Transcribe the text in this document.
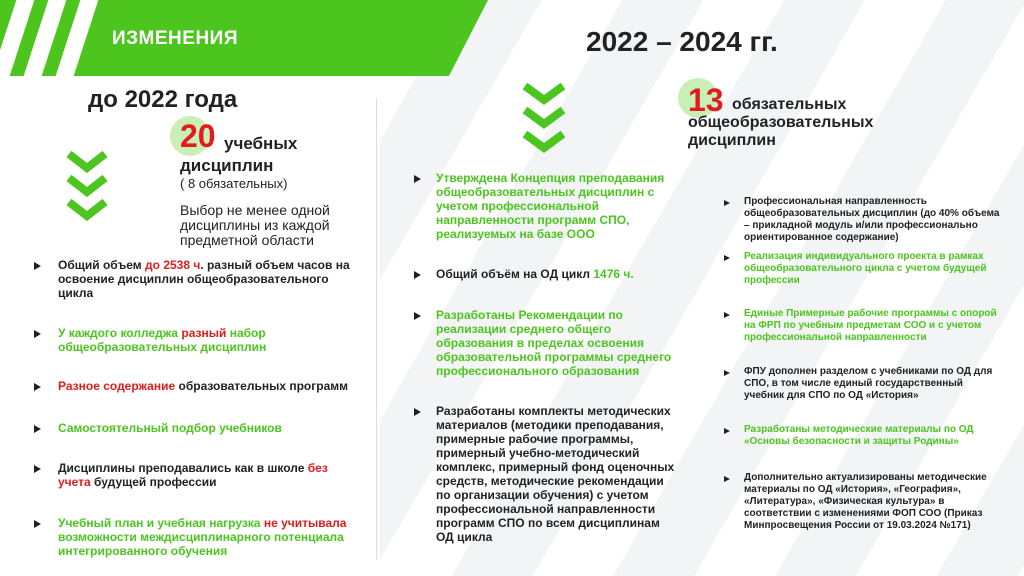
ИЗМЕНЕНИЯ	2022 – 2024 гг.
до 2022 года
20 учебных
дисциплин
( 8 обязательных)
Выбор не менее одной дисциплины из каждой предметной области
Общий объем до 2538 ч. разный объем часов на освоение дисциплин общеобразовательного цикла
У каждого колледжа разный набор общеобразовательных дисциплин
Разное содержание образовательных программ
Самостоятельный подбор учебников
Дисциплины преподавались как в школе без учета будущей профессии
Учебный план и учебная нагрузка не учитывала возможности междисциплинарного потенциала интегрированного обучения
Утверждена Концепция преподавания общеобразовательных дисциплин с учетом профессиональной направленности программ СПО, реализуемых на базе ООО
Общий объём на ОД цикл 1476 ч.
Разработаны Рекомендации по реализации среднего общего образования в пределах освоения образовательной программы среднего профессионального образования
Разработаны комплекты методических материалов (методики преподавания, примерные рабочие программы, примерный учебно-методический комплекс, примерный фонд оценочных средств, методические рекомендации по организации обучения) с учетом профессиональной направленности программ СПО по всем дисциплинам ОД цикла
13 обязательных общеобразовательных дисциплин
Профессиональная направленность общеобразовательных дисциплин (до 40% объема – прикладной модуль и/или профессионально ориентированное содержание)
Реализация индивидуального проекта в рамках общеобразовательного цикла с учетом будущей профессии
Единые Примерные рабочие программы с опорой на ФРП по учебным предметам СОО и с учетом профессиональной направленности
ФПУ дополнен разделом с учебниками по ОД для СПО, в том числе единый государственный учебник для СПО по ОД «История»
Разработаны методические материалы по ОД «Основы безопасности и защиты Родины»
Дополнительно актуализированы методические материалы по ОД «История», «География», «Литература», «Физическая культура» в соответствии с изменениями ФОП СОО (Приказ Минпросвещения России от 19.03.2024 №171)
